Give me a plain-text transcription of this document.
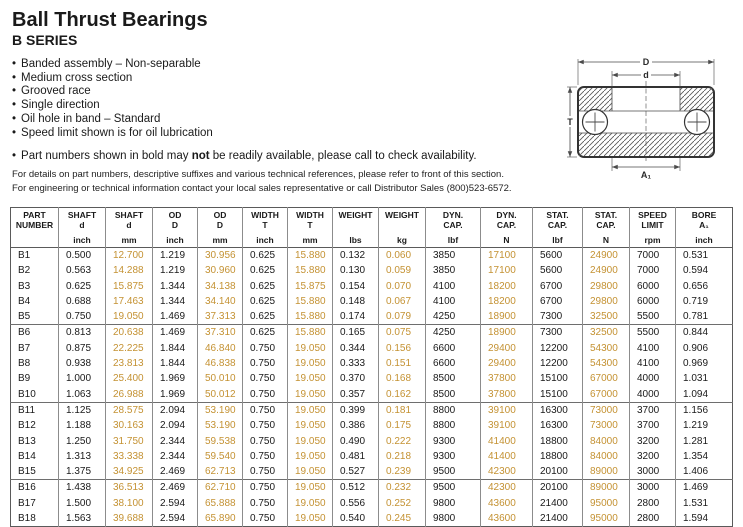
Ball Thrust Bearings
B SERIES
• Banded assembly – Non-separable
• Medium cross section
• Grooved race
• Single direction
• Oil hole in band – Standard
• Speed limit shown is for oil lubrication
• Part numbers shown in bold may not be readily available, please call to check availability.
For details on part numbers, descriptive suffixes and various technical references, please refer to front of this section.
For engineering or technical information contact your local sales representative or call Distributor Sales (800)523-6572.
PART
NUMBER

SHAFT
d
inch

SHAFT
d
mm

OD
D
inch

OD
D
mm

WIDTH
T
inch

WIDTH
T
mm

WEIGHT
lbs

WEIGHT
kg

DYN.
CAP.
lbf

DYN.
CAP.
N

STAT.
CAP.
lbf

STAT.
CAP.
N

SPEED
LIMIT
rpm

BORE
A₁
inch

B1	0.500	12.700	1.219	30.956	0.625	15.880	0.132	0.060	3850	17100	5600	24900	7000	0.531
B2	0.563	14.288	1.219	30.960	0.625	15.880	0.130	0.059	3850	17100	5600	24900	7000	0.594
B3	0.625	15.875	1.344	34.138	0.625	15.875	0.154	0.070	4100	18200	6700	29800	6000	0.656
B4	0.688	17.463	1.344	34.140	0.625	15.880	0.148	0.067	4100	18200	6700	29800	6000	0.719
B5	0.750	19.050	1.469	37.313	0.625	15.880	0.174	0.079	4250	18900	7300	32500	5500	0.781
B6	0.813	20.638	1.469	37.310	0.625	15.880	0.165	0.075	4250	18900	7300	32500	5500	0.844
B7	0.875	22.225	1.844	46.840	0.750	19.050	0.344	0.156	6600	29400	12200	54300	4100	0.906
B8	0.938	23.813	1.844	46.838	0.750	19.050	0.333	0.151	6600	29400	12200	54300	4100	0.969
B9	1.000	25.400	1.969	50.010	0.750	19.050	0.370	0.168	8500	37800	15100	67000	4000	1.031
B10	1.063	26.988	1.969	50.012	0.750	19.050	0.357	0.162	8500	37800	15100	67000	4000	1.094
B11	1.125	28.575	2.094	53.190	0.750	19.050	0.399	0.181	8800	39100	16300	73000	3700	1.156
B12	1.188	30.163	2.094	53.190	0.750	19.050	0.386	0.175	8800	39100	16300	73000	3700	1.219
B13	1.250	31.750	2.344	59.538	0.750	19.050	0.490	0.222	9300	41400	18800	84000	3200	1.281
B14	1.313	33.338	2.344	59.540	0.750	19.050	0.481	0.218	9300	41400	18800	84000	3200	1.354
B15	1.375	34.925	2.469	62.713	0.750	19.050	0.527	0.239	9500	42300	20100	89000	3000	1.406
B16	1.438	36.513	2.469	62.710	0.750	19.050	0.512	0.232	9500	42300	20100	89000	3000	1.469
B17	1.500	38.100	2.594	65.888	0.750	19.050	0.556	0.252	9800	43600	21400	95000	2800	1.531
B18	1.563	39.688	2.594	65.890	0.750	19.050	0.540	0.245	9800	43600	21400	95000	2800	1.594
D
d
T
A₁
